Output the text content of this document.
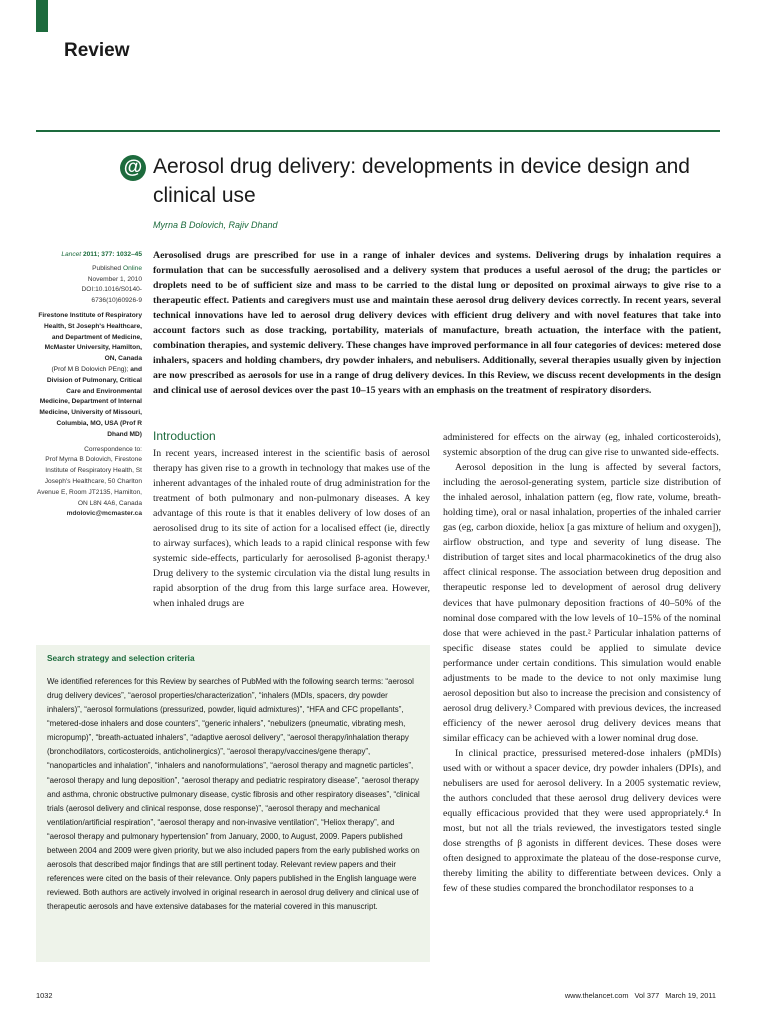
Review
@ Aerosol drug delivery: developments in device design and clinical use
Myrna B Dolovich, Rajiv Dhand

Lancet 2011; 377: 1032–45

Published Online
November 1, 2010
DOI:10.1016/S0140-6736(10)60926-9

Firestone Institute of Respiratory Health, St Joseph's Healthcare, and Department of Medicine, McMaster University, Hamilton, ON, Canada
(Prof M B Dolovich PEng); and Division of Pulmonary, Critical Care and Environmental Medicine, Department of Internal Medicine, University of Missouri, Columbia, MO, USA (Prof R Dhand MD)

Correspondence to:
Prof Myrna B Dolovich, Firestone Institute of Respiratory Health, St Joseph's Healthcare, 50 Charlton Avenue E, Room JT2135, Hamilton, ON L8N 4A6, Canada
mdolovic@mcmaster.ca

Aerosolised drugs are prescribed for use in a range of inhaler devices and systems. Delivering drugs by inhalation requires a formulation that can be successfully aerosolised and a delivery system that produces a useful aerosol of the drug; the particles or droplets need to be of sufficient size and mass to be carried to the distal lung or deposited on proximal airways to give rise to a therapeutic effect. Patients and caregivers must use and maintain these aerosol drug delivery devices correctly. In recent years, several technical innovations have led to aerosol drug delivery devices with efficient drug delivery and with novel features that take into account factors such as dose tracking, portability, materials of manufacture, breath actuation, the interface with the patient, combination therapies, and systemic delivery. These changes have improved performance in all four categories of devices: metered dose inhalers, spacers and holding chambers, dry powder inhalers, and nebulisers. Additionally, several therapies usually given by injection are now prescribed as aerosols for use in a range of drug delivery devices. In this Review, we discuss recent developments in the design and clinical use of aerosol devices over the past 10–15 years with an emphasis on the treatment of respiratory disorders.

Introduction

In recent years, increased interest in the scientific basis of aerosol therapy has given rise to a growth in technology that makes use of the inherent advantages of the inhaled route of drug administration for the treatment of both pulmonary and non-pulmonary diseases. A key advantage of this route is that it enables delivery of low doses of an aerosolised drug to its site of action for a localised effect (ie, directly to airway surfaces), which leads to a rapid clinical response with few systemic side-effects, particularly for aerosolised β-agonist therapy.¹ Drug delivery to the systemic circulation via the distal lung results in rapid absorption of the drug from this large surface area. However, when inhaled drugs are

administered for effects on the airway (eg, inhaled corticosteroids), systemic absorption of the drug can give rise to unwanted side-effects.
Aerosol deposition in the lung is affected by several factors, including the aerosol-generating system, particle size distribution of the inhaled aerosol, inhalation pattern (eg, flow rate, volume, breath-holding time), oral or nasal inhalation, properties of the inhaled carrier gas (eg, carbon dioxide, heliox [a gas mixture of helium and oxygen]), airflow obstruction, and type and severity of lung disease. The distribution of target sites and local pharmacokinetics of the drug also affect clinical response. The association between drug deposition and therapeutic response led to development of aerosol drug delivery devices that have pulmonary deposition fractions of 40–50% of the nominal dose compared with the low levels of 10–15% of the nominal dose that were achieved in the past.² Particular inhalation patterns of specific disease states could be applied to simulate device performance under certain conditions. This simulation would enable adjustments to be made to the device to not only maximise lung aerosol deposition but also to increase the precision and consistency of aerosol drug delivery.³ Compared with previous devices, the increased efficiency of the newer aerosol drug delivery devices means that similar efficacy can be achieved with a lower nominal drug dose.
In clinical practice, pressurised metered-dose inhalers (pMDIs) used with or without a spacer device, dry powder inhalers (DPIs), and nebulisers are used for aerosol delivery. In a 2005 systematic review, the authors concluded that these aerosol drug delivery devices were equally efficacious provided that they were used appropriately.⁴ In most, but not all the trials reviewed, the investigators tested single dose strengths of β agonists in different devices. These doses were often designed to approximate the plateau of the dose-response curve, thereby limiting the ability to differentiate between devices. Only a few of these studies compared the bronchodilator responses to a
Search strategy and selection criteria

We identified references for this Review by searches of PubMed with the following search terms: “aerosol drug delivery devices”, “aerosol properties/characterization”, “inhalers (MDIs, spacers, dry powder inhalers)”, “aerosol formulations (pressurized, powder, liquid admixtures)”, “HFA and CFC propellants”, “metered-dose inhalers and dose counters”, “generic inhalers”, “nebulizers (pneumatic, vibrating mesh, micropump)”, “breath-actuated inhalers”, “adaptive aerosol delivery”, “aerosol therapy/inhalation therapy (bronchodilators, corticosteroids, anticholinergics)”, “aerosol therapy/vaccines/gene therapy”, “nanoparticles and inhalation”, “inhalers and nanoformulations”, “aerosol therapy and magnetic particles”, “aerosol therapy and lung deposition”, “aerosol therapy and pediatric respiratory disease”, “aerosol therapy and asthma, chronic obstructive pulmonary disease, cystic fibrosis and other respiratory diseases”, “clinical trials (aerosol delivery and clinical response, dose response)”, “aerosol therapy and mechanical ventilation/artificial respiration”, “aerosol therapy and non-invasive ventilation”, “Heliox therapy”, and “aerosol therapy and pulmonary hypertension” from January, 2000, to August, 2009. Papers published between 2004 and 2009 were given priority, but we also included papers from the early published works on aerosols that described major findings that are still pertinent today. Relevant review papers and their references were cited on the basis of their relevance. Only papers published in the English language were reviewed. Both authors are actively involved in original research in aerosol drug delivery and clinical use of therapeutic aerosols and have extensive databases for the material covered in this manuscript.

1032	www.thelancet.com Vol 377 March 19, 2011
